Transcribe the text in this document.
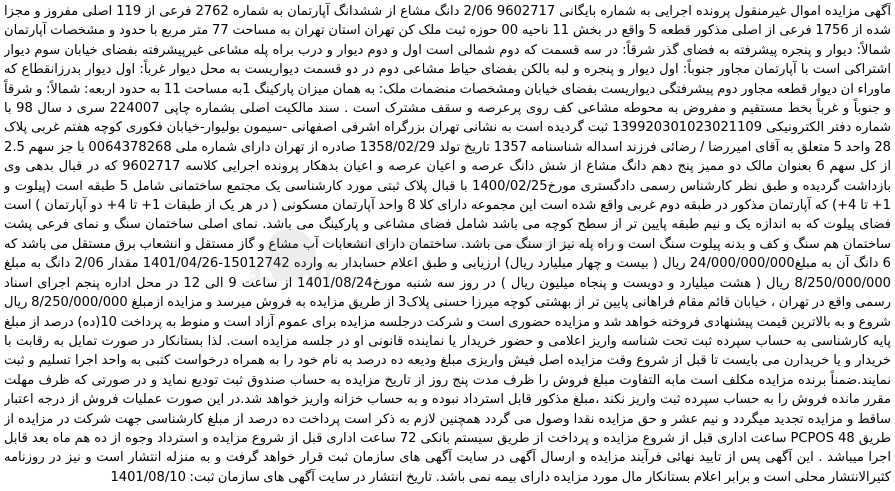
آگهی مزایده اموال غیرمنقول پرونده اجرایی به شماره بایگانی 9602717 2/06 دانگ مشاع از ششدانگ آپارتمان به شماره 2762 فرعی از 119 اصلی مفروز و مجزا شده از 1756 فرعی از اصلی مذکور قطعه 5 واقع در بخش 11 ناحیه 00 حوزه ثبت ملک کن تهران استان تهران به مساحت 77 متر مربع با حدود و مشخصات آپارتمان شمالاً: دیوار و پنجره پیشرفته به فضای گذر شرقاً: در سه قسمت که دوم شمالی است اول و دوم دیوار و درب براه پله مشاعی غیرپیشرفته بفضای خیابان سوم دیوار اشتراکی است با آپارتمان مجاور جنوباً: اول دیوار و پنجره و لبه بالکن بفضای حیاط مشاعی دوم در دو قسمت دیواریست به محل دیوار غرباً: اول دیوار بدرزانقطاع که ماوراء ان دیوار قطعه مجاور دوم پیشرفتگی دیواریست بفضای خیابان ومشخصات منضمات ملک: به همان میزان پارکینگ 1به مساحت 11 به حدود اربعه: شمالاً: و شرقاً و جنوباً و غرباً بخط مستقیم و مفروض به محوطه مشاعی کف روی پرعرصه و سقف مشترک است . سند مالکیت اصلی بشماره چاپی 224007 سری د سال 98 با شماره دفتر الکترونیکی 139920301023021109 ثبت گردیده است به نشانی تهران بزرگراه اشرفی اصفهانی -سیمون بولیوار-خیابان فکوری کوچه هفتم غربی پلاک 28 واحد 5 متعلق به آقای امیررضا / رضائی فرزند اسداله شناسنامه 1357 تاریخ تولد 1358/02/29 صادره از تهران دارای شماره ملی 0064378268 با جز سهم 2.5 از کل سهم 6 بعنوان مالک دو ممیز پنج دهم دانگ مشاع از شش دانگ عرصه و اعیان عرصه و اعیان بدهکار پرونده اجرایی کلاسه 9602717 که در قبال بدهی وی بازداشت گردیده و طبق نظر کارشناس رسمی دادگستری مورخ1400/02/25 با قبال پلاک ثبتی مورد کارشناسی یک مجتمع ساختمانی شامل 5 طبقه است (پیلوت و 1+ تا 4+) که آپارتمان مذکور در طبقه دوم غربی واقع شده است این مجموعه دارای کلا 8 واحد آپارتمان مسکونی ( در هر یک از طبقات 1+ تا 4+ دو آپارتمان ) است فضای پیلوت که به اندازه یک و نیم طبقه پایین تر از سطح کوچه می باشد شامل فضای مشاعی و پارکینگ می باشد. نمای اصلی ساختمان سنگ و نمای فرعی پشت ساختمان هم سنگ و کف و بدنه پیلوت سنگ است و راه پله نیز از سنگ می باشد. ساختمان دارای انشعابات آب مشاع و گاز مستقل و انشعاب برق مستقل می باشد که 6 دانگ آن به مبلغ24/000/000/000 ریال ( بیست و چهار میلیارد ریال) ارزیابی و طبق اعلام حسابدار به وارده 15012742-1401/04/26 مقدار 2/06 دانگ به مبلغ 8/250/000/000 ریال ( هشت میلیارد و دویست و پنجاه میلیون ریال ) در روز سه شنبه مورخ1401/08/24 از ساعت 9 الی 12 در محل اداره پنجم اجرای اسناد رسمی واقع در تهران ، خیابان قائم مقام فراهانی پایین تر از بهشتی کوچه میرزا حسنی پلاک3 از طریق مزایده به فروش میرسد و مزایده ازمبلغ 8/250/000/000 ریال شروع و به بالاترین قیمت پیشنهادی فروخته خواهد شد و مزایده حضوری است و شرکت درجلسه مزایده برای عموم آزاد است و منوط به پرداخت 10(ده) درصد از مبلغ پایه کارشناسی به حساب سپرده ثبت تحت شناسه واریز اعلامی و حضور خریدار یا نماینده قانونی او در جلسه مزایده است. لذا بستانکار در صورت تمایل به رقابت با خریدار و یا خریدارن می بایست تا قبل از شروع وقت مزایده اصل فیش واریزی مبلغ ودیعه ده درصد به نام خود را به همراه درخواست کتبی به واحد اجرا تسلیم و ثبت نمایند.ضمناً برنده مزایده مکلف است مابه التفاوت مبلغ فروش را ظرف مدت پنج روز از تاریخ مزایده به حساب صندوق ثبت توديع نماید و در صورتی که ظرف مهلت مقرر مانده فروش را به حساب سپرده ثبت واریز نکند ،مبلغ مذکور قابل استرداد نبوده و به حساب خزانه واریز خواهد شد.در این صورت عملیات فروش از درجه اعتبار ساقط و مزایده تجدید میگردد و نیم عشر و حق مزایده نقدا وصول می گردد همچنین لازم به ذکر است پرداخت ده درصد از مبلغ کارشناسی جهت شرکت در مزایده از طریق 48 PCPOS ساعت اداری قبل از شروع مزایده و پرداخت از طریق سیستم بانکی 72 ساعت اداری قبل از شروع مزایده و استرداد وجوه از ده هم ماه بعد قابل اجرا میباشد . این آگهی پس از تایید نهائی فرآیند مزایده و ارسال آگهی در سایت آگهی های سازمان ثبت قرار خواهد گرفت و به منزله انتشار است و نیز در روزنامه کثیرالانتشار محلی است و برابر اعلام بستانکار مال مورد مزایده دارای بیمه نمی باشد. تاریخ انتشار در سایت آگهی های سازمان ثبت: 1401/08/10

a.com
